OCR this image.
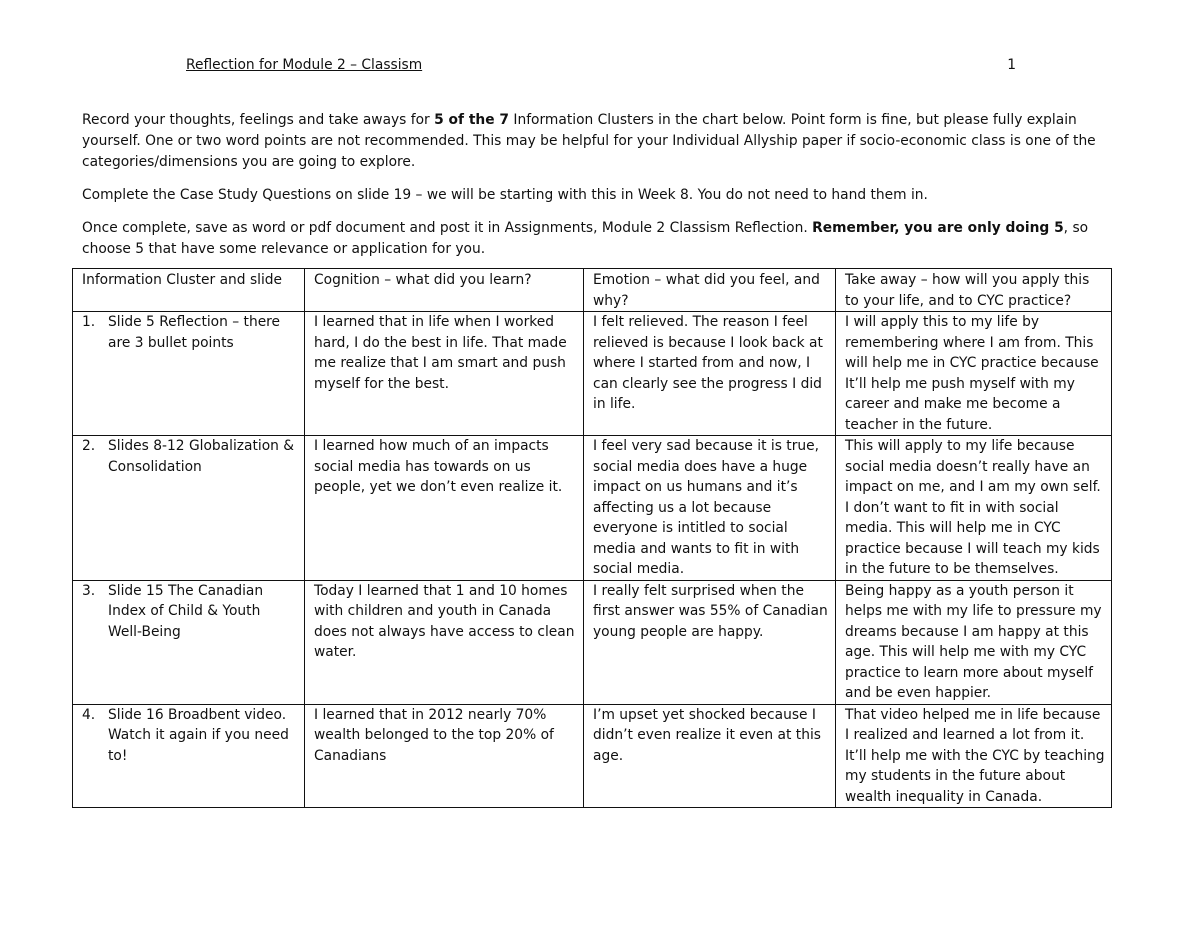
Reflection for Module 2 – Classism	1

Record your thoughts, feelings and take aways for 5 of the 7 Information Clusters in the chart below. Point form is fine, but please fully explain yourself. One or two word points are not recommended. This may be helpful for your Individual Allyship paper if socio-economic class is one of the categories/dimensions you are going to explore.

Complete the Case Study Questions on slide 19 – we will be starting with this in Week 8. You do not need to hand them in.

Once complete, save as word or pdf document and post it in Assignments, Module 2 Classism Reflection. Remember, you are only doing 5, so choose 5 that have some relevance or application for you.

Information Cluster and slide	Cognition – what did you learn?	Emotion – what did you feel, and why?	Take away – how will you apply this to your life, and to CYC practice?
1. Slide 5 Reflection – there are 3 bullet points	I learned that in life when I worked hard, I do the best in life. That made me realize that I am smart and push myself for the best.	I felt relieved. The reason I feel relieved is because I look back at where I started from and now, I can clearly see the progress I did in life.	I will apply this to my life by remembering where I am from. This will help me in CYC practice because It’ll help me push myself with my career and make me become a teacher in the future.
2. Slides 8-12 Globalization & Consolidation	I learned how much of an impacts social media has towards on us people, yet we don’t even realize it.	I feel very sad because it is true, social media does have a huge impact on us humans and it’s affecting us a lot because everyone is intitled to social media and wants to fit in with social media.	This will apply to my life because social media doesn’t really have an impact on me, and I am my own self. I don’t want to fit in with social media. This will help me in CYC practice because I will teach my kids in the future to be themselves.
3. Slide 15 The Canadian Index of Child & Youth Well-Being	Today I learned that 1 and 10 homes with children and youth in Canada does not always have access to clean water.	I really felt surprised when the first answer was 55% of Canadian young people are happy.	Being happy as a youth person it helps me with my life to pressure my dreams because I am happy at this age. This will help me with my CYC practice to learn more about myself and be even happier.
4. Slide 16 Broadbent video. Watch it again if you need to!	I learned that in 2012 nearly 70% wealth belonged to the top 20% of Canadians	I’m upset yet shocked because I didn’t even realize it even at this age.	That video helped me in life because I realized and learned a lot from it. It’ll help me with the CYC by teaching my students in the future about wealth inequality in Canada.
